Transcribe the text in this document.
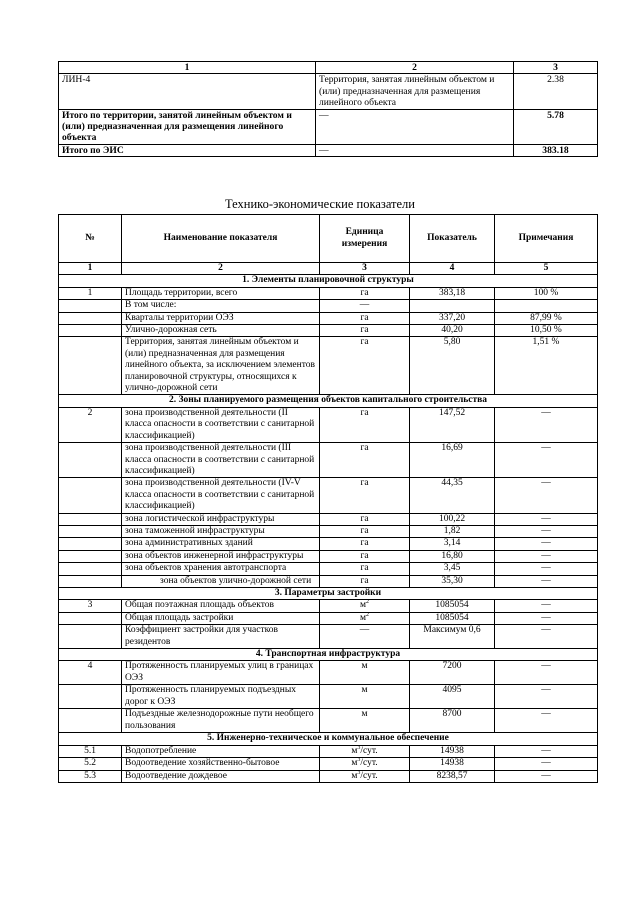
1	2	3
ЛИН-4	Территория, занятая линейным объектом и (или) предназначенная для размещения линейного объекта	2.38
Итого по территории, занятой линейным объектом и (или) предназначенная для размещения линейного объекта	—	5.78
Итого по ЭИС	—	383.18
Технико-экономические показатели
№	Наименование показателя	Единица измерения	Показатель	Примечания
1	2	3	4	5
1. Элементы планировочной структуры				
1	Площадь территории, всего	га	383,18	100 %
	В том числе:	—		
	Кварталы территории ОЭЗ	га	337,20	87,99 %
	Улично-дорожная сеть	га	40,20	10,50 %
	Территория, занятая линейным объектом и (или) предназначенная для размещения линейного объекта, за исключением элементов планировочной структуры, относящихся к улично-дорожной сети	га	5,80	1,51 %
2. Зоны планируемого размещения объектов капитального строительства				
2	зона производственной деятельности (II класса опасности в соответствии с санитарной классификацией)	га	147,52	—
	зона производственной деятельности (III класса опасности в соответствии с санитарной классификацией)	га	16,69	—
	зона производственной деятельности (IV-V класса опасности в соответствии с санитарной классификацией)	га	44,35	—
	зона логистической инфраструктуры	га	100,22	—
	зона таможенной инфраструктуры	га	1,82	—
	зона административных зданий	га	3,14	—
	зона объектов инженерной инфраструктуры	га	16,80	—
	зона объектов хранения автотранспорта	га	3,45	—
	зона объектов улично-дорожной сети	га	35,30	—
3. Параметры застройки				
3	Общая поэтажная площадь объектов	$м^2$	1085054	—
	Общая площадь застройки	$м^2$	1085054	—
	Коэффициент застройки для участков резидентов	—	Максимум 0,6	—
4. Транспортная инфраструктура				
4	Протяженность планируемых улиц в границах ОЭЗ	м	7200	—
	Протяженность планируемых подъездных дорог к ОЭЗ	м	4095	—
	Подъездные железнодорожные пути необщего пользования	м	8700	—
5. Инженерно-техническое и коммунальное обеспечение				
5.1	Водопотребление	$м^3$/сут.	14938	—
5.2	Водоотведение хозяйственно-бытовое	$м^3$/сут.	14938	—
5.3	Водоотведение дождевое	$м^3$/сут.	8238,57	—
